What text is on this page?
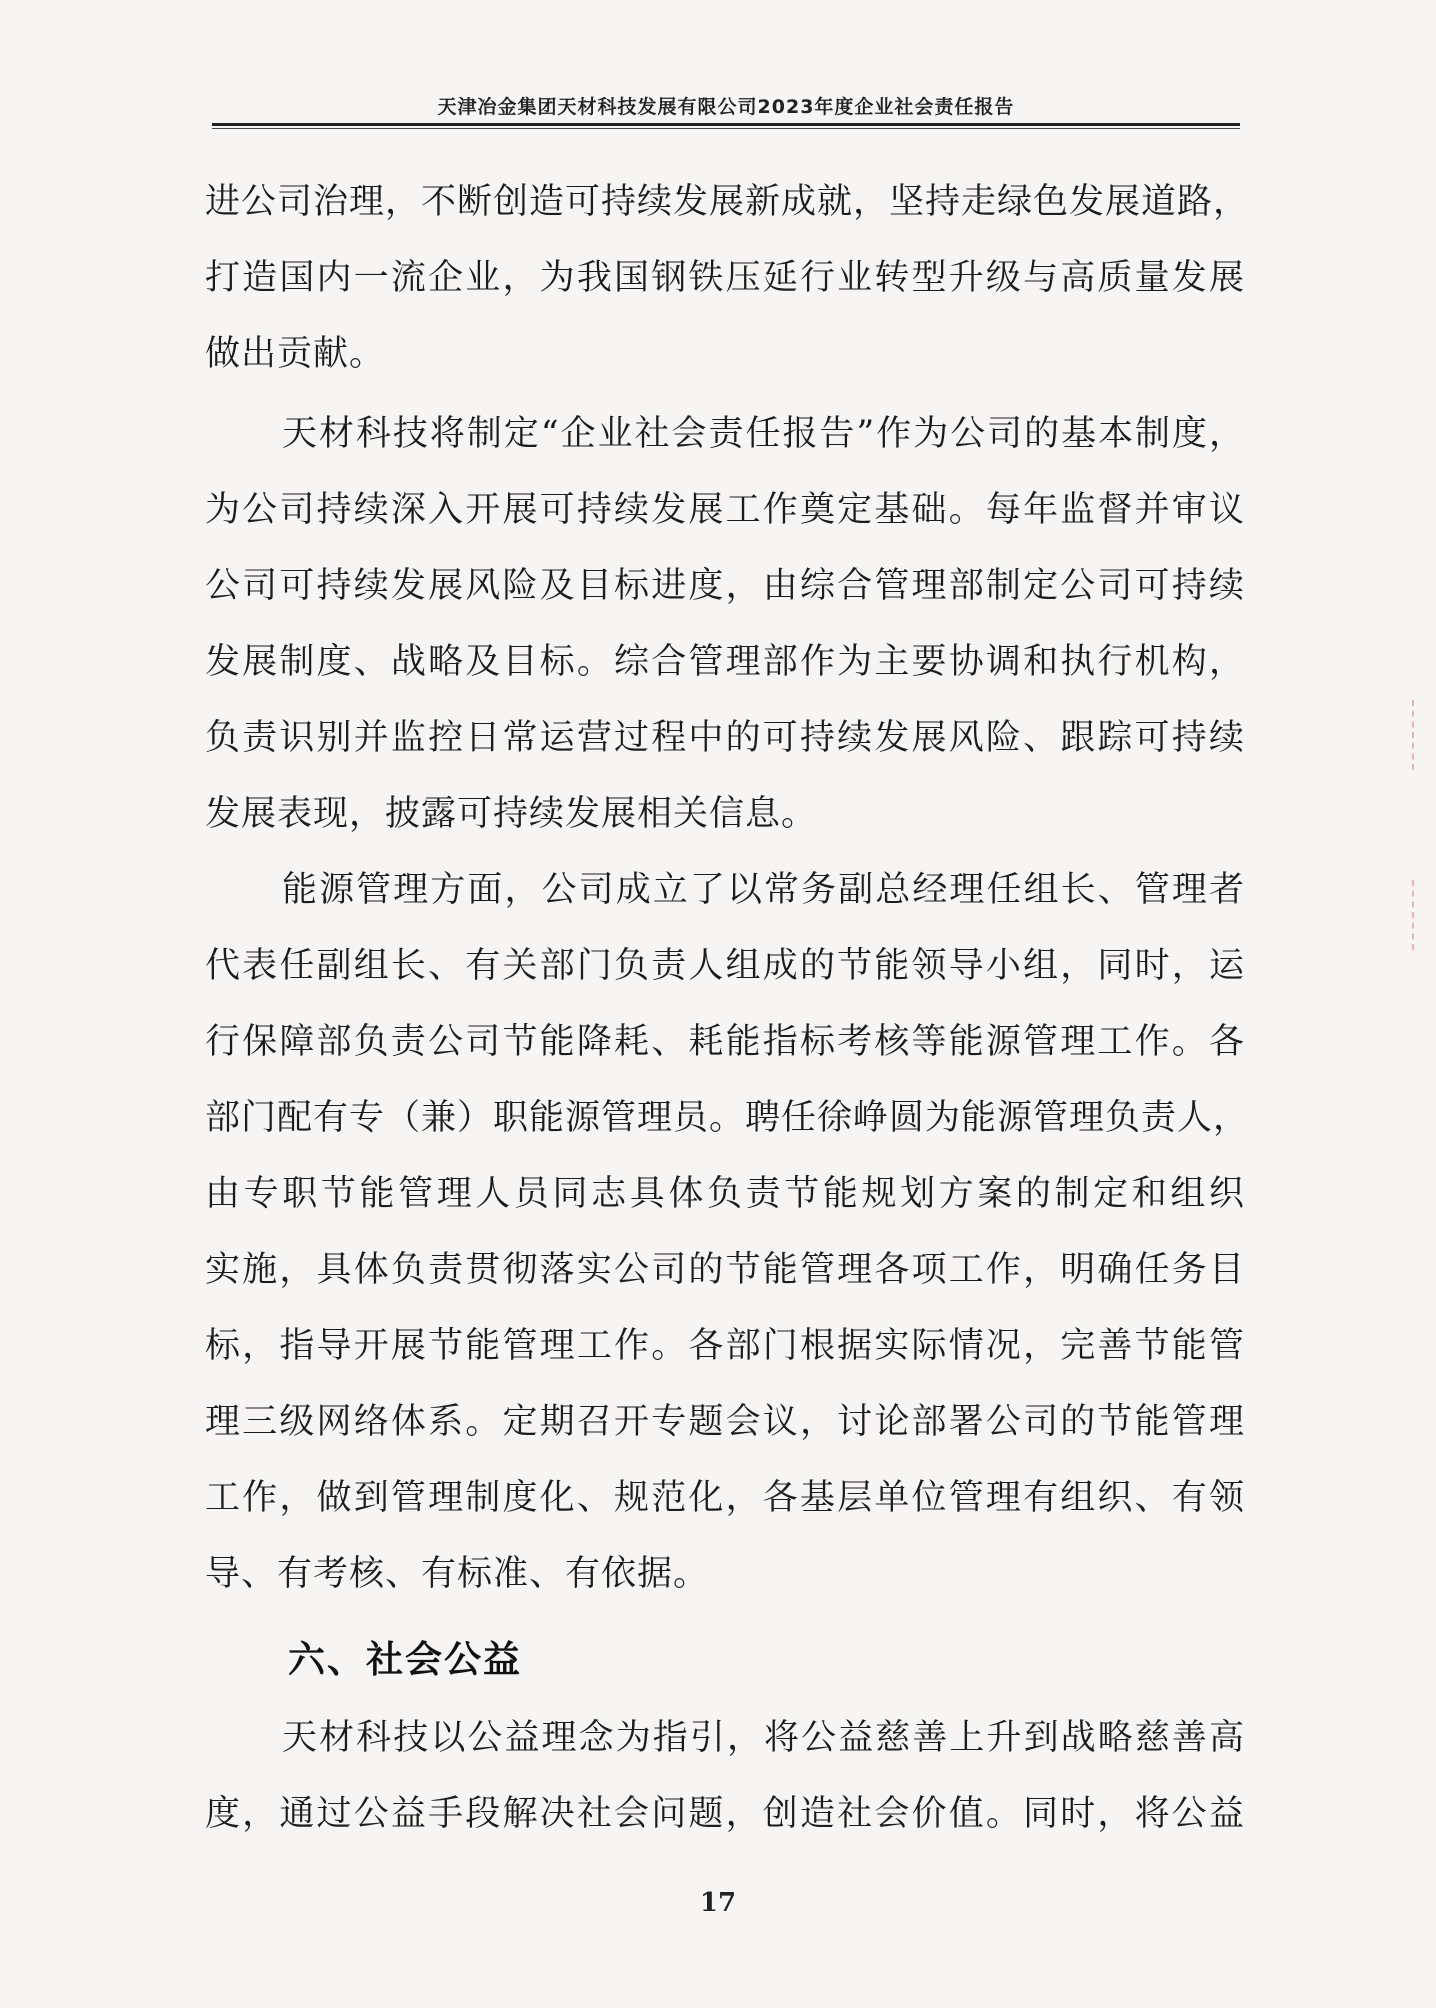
天津冶金集团天材科技发展有限公司2023年度企业社会责任报告
进公司治理，不断创造可持续发展新成就，坚持走绿色发展道路，
打造国内一流企业，为我国钢铁压延行业转型升级与高质量发展
做出贡献。
天材科技将制定“企业社会责任报告”作为公司的基本制度，
为公司持续深入开展可持续发展工作奠定基础。每年监督并审议
公司可持续发展风险及目标进度，由综合管理部制定公司可持续
发展制度、战略及目标。综合管理部作为主要协调和执行机构，
负责识别并监控日常运营过程中的可持续发展风险、跟踪可持续
发展表现，披露可持续发展相关信息。
能源管理方面，公司成立了以常务副总经理任组长、管理者
代表任副组长、有关部门负责人组成的节能领导小组，同时，运
行保障部负责公司节能降耗、耗能指标考核等能源管理工作。各
部门配有专（兼）职能源管理员。聘任徐峥圆为能源管理负责人，
由专职节能管理人员同志具体负责节能规划方案的制定和组织
实施，具体负责贯彻落实公司的节能管理各项工作，明确任务目
标，指导开展节能管理工作。各部门根据实际情况，完善节能管
理三级网络体系。定期召开专题会议，讨论部署公司的节能管理
工作，做到管理制度化、规范化，各基层单位管理有组织、有领
导、有考核、有标准、有依据。
六、社会公益
天材科技以公益理念为指引，将公益慈善上升到战略慈善高
度，通过公益手段解决社会问题，创造社会价值。同时，将公益
17
